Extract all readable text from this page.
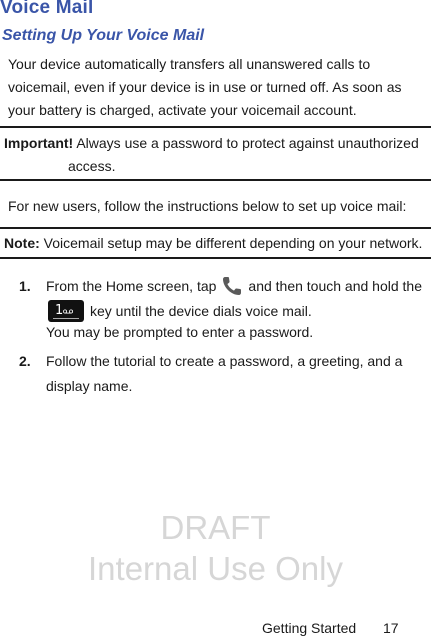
Voice Mail
Setting Up Your Voice Mail
Your device automatically transfers all unanswered calls to voicemail, even if your device is in use or turned off. As soon as your battery is charged, activate your voicemail account.
Important! Always use a password to protect against unauthorized access.
For new users, follow the instructions below to set up voice mail:
Note: Voicemail setup may be different depending on your network.
1. From the Home screen, tap and then touch and hold the

1 key until the device dials voice mail.
You may be prompted to enter a password.
2. Follow the tutorial to create a password, a greeting, and a
display name.
DRAFT
Internal Use Only
Getting Started 17
